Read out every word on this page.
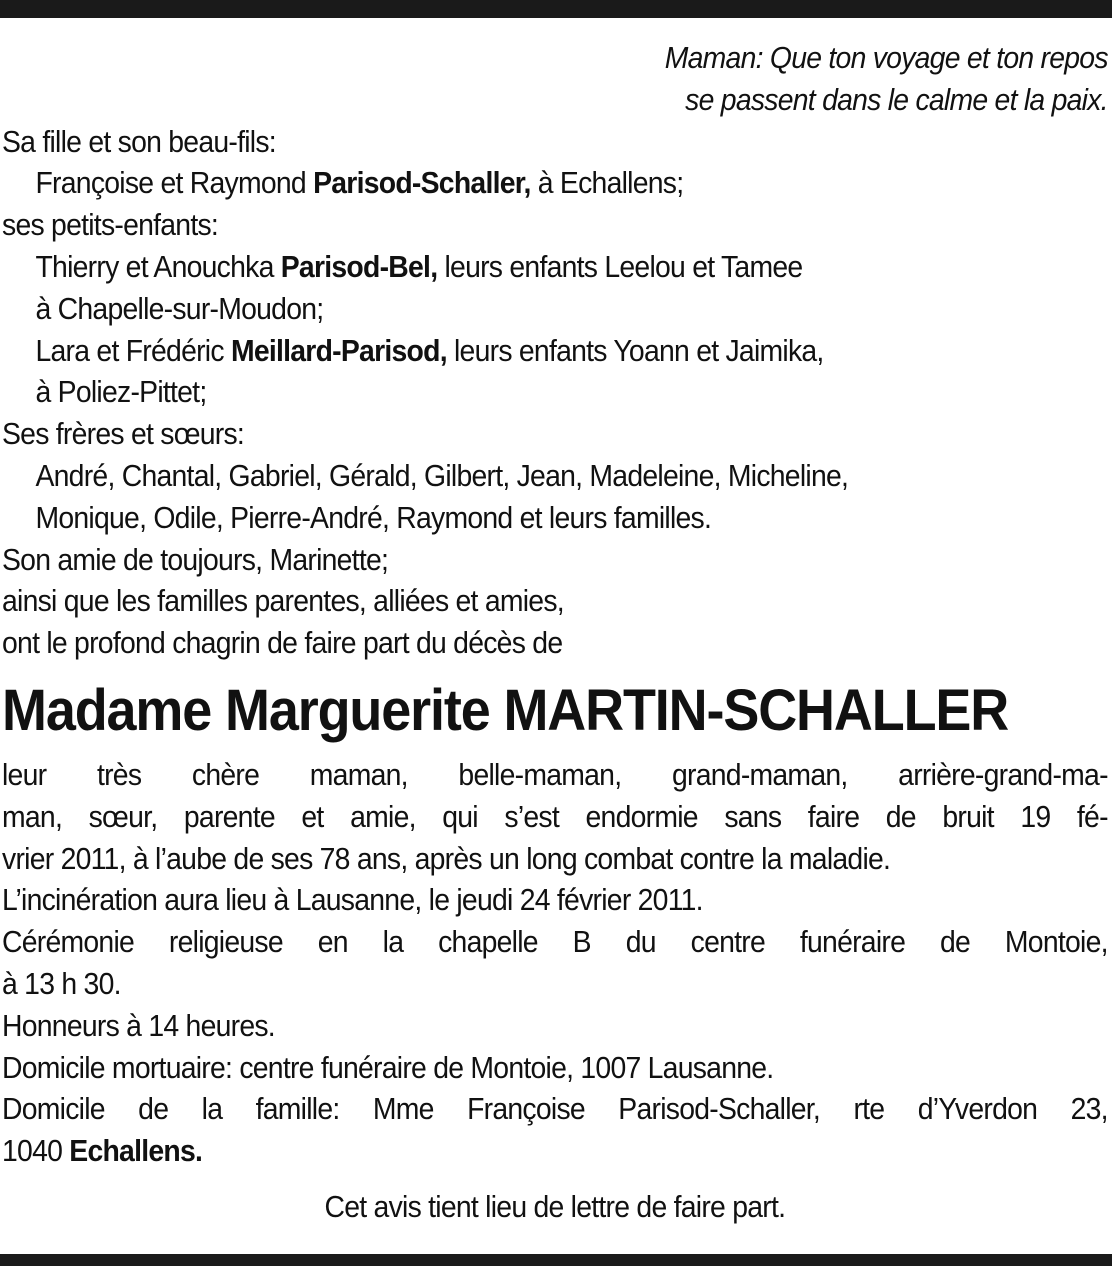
Maman: Que ton voyage et ton repos
se passent dans le calme et la paix.
Sa fille et son beau-fils:
Françoise et Raymond Parisod-Schaller, à Echallens;
ses petits-enfants:
Thierry et Anouchka Parisod-Bel, leurs enfants Leelou et Tamee
à Chapelle-sur-Moudon;
Lara et Frédéric Meillard-Parisod, leurs enfants Yoann et Jaimika,
à Poliez-Pittet;
Ses frères et sœurs:
André, Chantal, Gabriel, Gérald, Gilbert, Jean, Madeleine, Micheline,
Monique, Odile, Pierre-André, Raymond et leurs familles.
Son amie de toujours, Marinette;
ainsi que les familles parentes, alliées et amies,
ont le profond chagrin de faire part du décès de
Madame Marguerite MARTIN-SCHALLER
leur très chère maman, belle-maman, grand-maman, arrière-grand-ma-
man, sœur, parente et amie, qui s’est endormie sans faire de bruit 19 fé-
vrier 2011, à l’aube de ses 78 ans, après un long combat contre la maladie.
L’incinération aura lieu à Lausanne, le jeudi 24 février 2011.
Cérémonie religieuse en la chapelle B du centre funéraire de Montoie,
à 13 h 30.
Honneurs à 14 heures.
Domicile mortuaire: centre funéraire de Montoie, 1007 Lausanne.
Domicile de la famille: Mme Françoise Parisod-Schaller, rte d’Yverdon 23,
1040 Echallens.
Cet avis tient lieu de lettre de faire part.
